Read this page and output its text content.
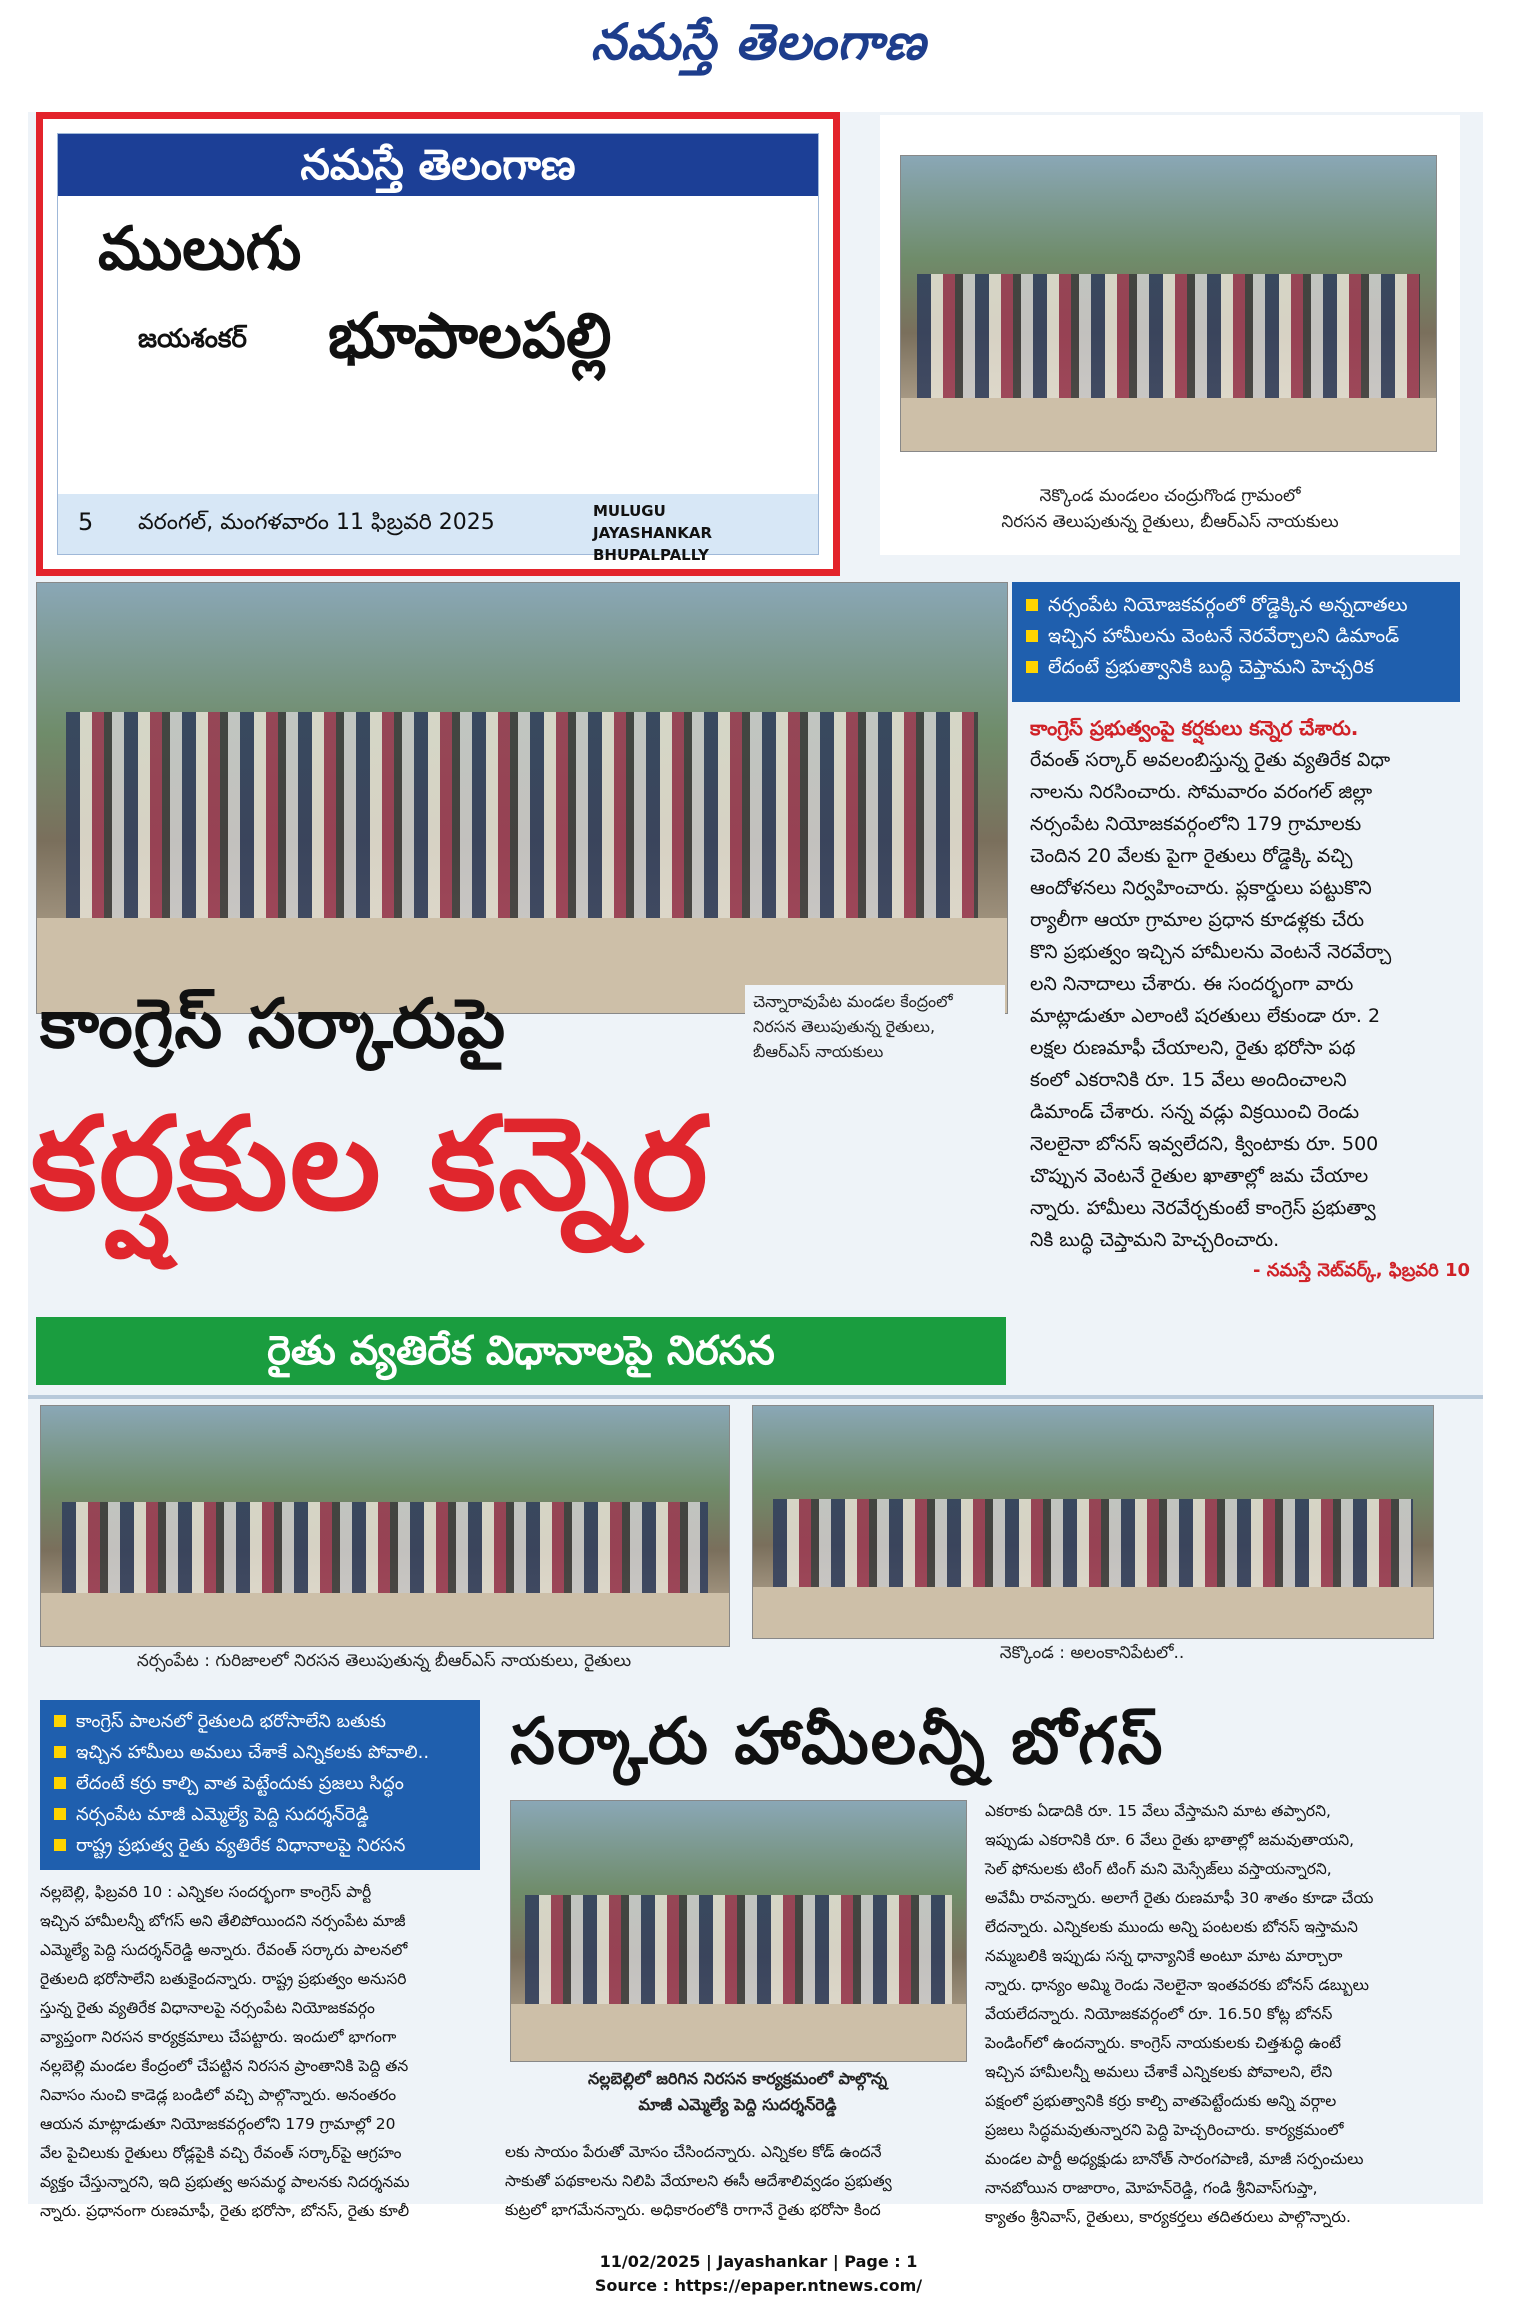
నమస్తే తెలంగాణ
నమస్తే తెలంగాణ
ములుగు
జయశంకర్ భూపాలపల్లి
5 వరంగల్, మంగళవారం 11 ఫిబ్రవరి 2025	MULUGU
JAYASHANKAR BHUPALPALLY
నెక్కొండ మండలం చంద్రుగొండ గ్రామంలో
నిరసన తెలుపుతున్న రైతులు, బీఆర్‌ఎస్ నాయకులు
చెన్నారావుపేట మండల కేంద్రంలో
నిరసన తెలుపుతున్న రైతులు,
బీఆర్‌ఎస్ నాయకులు
కాంగ్రెస్ సర్కారుపై
కర్షకుల కన్నెర
రైతు వ్యతిరేక విధానాలపై నిరసన
నర్సంపేట నియోజకవర్గంలో రోడ్డెక్కిన అన్నదాతలు
ఇచ్చిన హామీలను వెంటనే నెరవేర్చాలని డిమాండ్
లేదంటే ప్రభుత్వానికి బుద్ధి చెప్తామని హెచ్చరిక
కాంగ్రెస్ ప్రభుత్వంపై కర్షకులు కన్నెర చేశారు.
రేవంత్ సర్కార్ అవలంబిస్తున్న రైతు వ్యతిరేక విధా
నాలను నిరసించారు. సోమవారం వరంగల్ జిల్లా
నర్సంపేట నియోజకవర్గంలోని 179 గ్రామాలకు
చెందిన 20 వేలకు పైగా రైతులు రోడ్డెక్కి వచ్చి
ఆందోళనలు నిర్వహించారు. ప్లకార్డులు పట్టుకొని
ర్యాలీగా ఆయా గ్రామాల ప్రధాన కూడళ్లకు చేరు
కొని ప్రభుత్వం ఇచ్చిన హామీలను వెంటనే నెరవేర్చా
లని నినాదాలు చేశారు. ఈ సందర్భంగా వారు
మాట్లాడుతూ ఎలాంటి షరతులు లేకుండా రూ. 2
లక్షల రుణమాఫీ చేయాలని, రైతు భరోసా పథ
కంలో ఎకరానికి రూ. 15 వేలు అందించాలని
డిమాండ్ చేశారు. సన్న వడ్లు విక్రయించి రెండు
నెలలైనా బోనస్ ఇవ్వలేదని, క్వింటాకు రూ. 500
చొప్పున వెంటనే రైతుల ఖాతాల్లో జమ చేయాల
న్నారు. హామీలు నెరవేర్చకుంటే కాంగ్రెస్ ప్రభుత్వా
నికి బుద్ధి చెప్తామని హెచ్చరించారు.
- నమస్తే నెట్‌వర్క్, ఫిబ్రవరి 10
నర్సంపేట : గురిజాలలో నిరసన తెలుపుతున్న బీఆర్‌ఎస్ నాయకులు, రైతులు	నెక్కొండ : అలంకానిపేటలో..
కాంగ్రెస్ పాలనలో రైతులది భరోసాలేని బతుకు
ఇచ్చిన హామీలు అమలు చేశాకే ఎన్నికలకు పోవాలి..
లేదంటే కర్రు కాల్చి వాత పెట్టేందుకు ప్రజలు సిద్ధం
నర్సంపేట మాజీ ఎమ్మెల్యే పెద్ది సుదర్శన్‌రెడ్డి
రాష్ట్ర ప్రభుత్వ రైతు వ్యతిరేక విధానాలపై నిరసన
సర్కారు హామీలన్నీ బోగస్
నల్లబెల్లిలో జరిగిన నిరసన కార్యక్రమంలో పాల్గొన్న
మాజీ ఎమ్మెల్యే పెద్ది సుదర్శన్‌రెడ్డి
నల్లబెల్లి, ఫిబ్రవరి 10 : ఎన్నికల సందర్భంగా కాంగ్రెస్ పార్టీ
ఇచ్చిన హామీలన్నీ బోగస్ అని తేలిపోయిందని నర్సంపేట మాజీ
ఎమ్మెల్యే పెద్ది సుదర్శన్‌రెడ్డి అన్నారు. రేవంత్ సర్కారు పాలనలో
రైతులది భరోసాలేని బతుకైందన్నారు. రాష్ట్ర ప్రభుత్వం అనుసరి
స్తున్న రైతు వ్యతిరేక విధానాలపై నర్సంపేట నియోజకవర్గం
వ్యాప్తంగా నిరసన కార్యక్రమాలు చేపట్టారు. ఇందులో భాగంగా
నల్లబెల్లి మండల కేంద్రంలో చేపట్టిన నిరసన ప్రాంతానికి పెద్ది తన
నివాసం నుంచి కాడెడ్ల బండిలో వచ్చి పాల్గొన్నారు. అనంతరం
ఆయన మాట్లాడుతూ నియోజకవర్గంలోని 179 గ్రామాల్లో 20
వేల పైచిలుకు రైతులు రోడ్లపైకి వచ్చి రేవంత్ సర్కార్‌పై ఆగ్రహం
వ్యక్తం చేస్తున్నారని, ఇది ప్రభుత్వ అసమర్థ పాలనకు నిదర్శనమ
న్నారు. ప్రధానంగా రుణమాఫీ, రైతు భరోసా, బోనస్, రైతు కూలీ
లకు సాయం పేరుతో మోసం చేసిందన్నారు. ఎన్నికల కోడ్ ఉందనే
సాకుతో పథకాలను నిలిపి వేయాలని ఈసీ ఆదేశాలివ్వడం ప్రభుత్వ
కుట్రలో భాగమేనన్నారు. అధికారంలోకి రాగానే రైతు భరోసా కింద
ఎకరాకు ఏడాదికి రూ. 15 వేలు వేస్తామని మాట తప్పారని,
ఇప్పుడు ఎకరానికి రూ. 6 వేలు రైతు భాతాల్లో జమవుతాయని,
సెల్ ఫోనులకు టింగ్ టింగ్ మని మెస్సేజ్‌లు వస్తాయన్నారని,
అవేమీ రావన్నారు. అలాగే రైతు రుణమాఫీ 30 శాతం కూడా చేయ
లేదన్నారు. ఎన్నికలకు ముందు అన్ని పంటలకు బోనస్ ఇస్తామని
నమ్మబలికి ఇప్పుడు సన్న ధాన్యానికే అంటూ మాట మార్చారా
న్నారు. ధాన్యం అమ్మి రెండు నెలలైనా ఇంతవరకు బోనస్ డబ్బులు
వేయలేదన్నారు. నియోజకవర్గంలో రూ. 16.50 కోట్ల బోనస్
పెండింగ్‌లో ఉందన్నారు. కాంగ్రెస్ నాయకులకు చిత్తశుద్ధి ఉంటే
ఇచ్చిన హామీలన్నీ అమలు చేశాకే ఎన్నికలకు పోవాలని, లేని
పక్షంలో ప్రభుత్వానికి కర్రు కాల్చి వాతపెట్టేందుకు అన్ని వర్గాల
ప్రజలు సిద్ధమవుతున్నారని పెద్ది హెచ్చరించారు. కార్యక్రమంలో
మండల పార్టీ అధ్యక్షుడు బానోత్ సారంగపాణి, మాజీ సర్పంచులు
నానబోయిన రాజారాం, మోహన్‌రెడ్డి, గండి శ్రీనివాస్‌గుప్తా,
క్యాతం శ్రీనివాస్, రైతులు, కార్యకర్తలు తదితరులు పాల్గొన్నారు.
11/02/2025 | Jayashankar | Page : 1
Source : https://epaper.ntnews.com/
